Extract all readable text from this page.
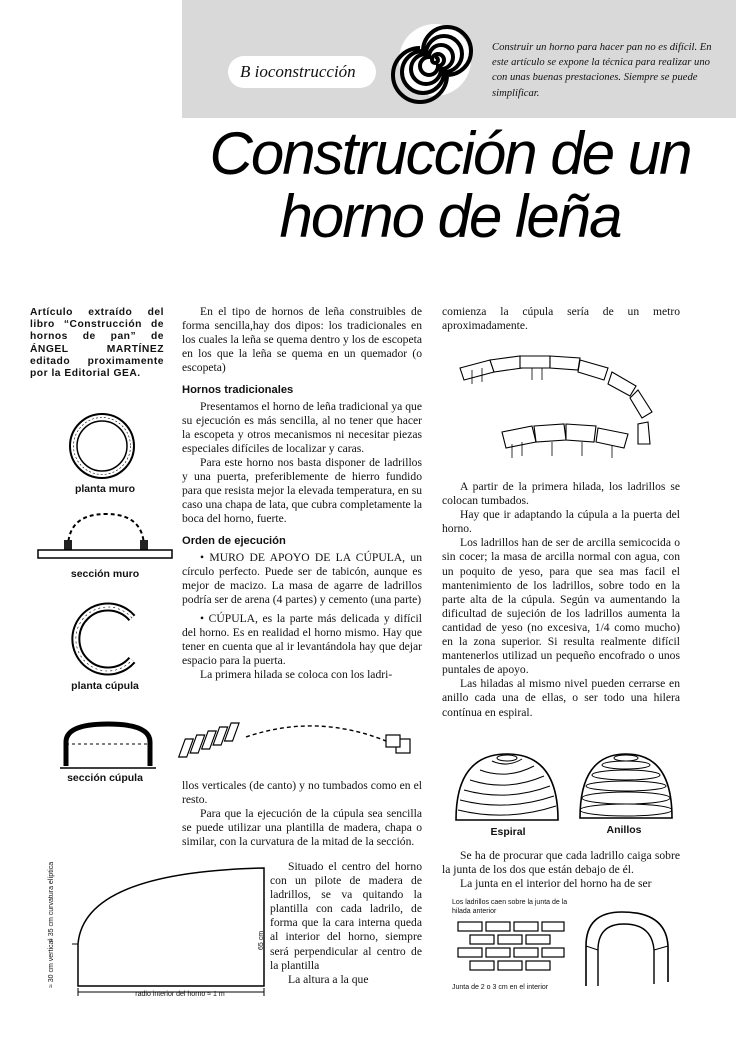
B ioconstrucción
Construir un horno para hacer pan no es difícil. En este artículo se expone la técnica para realizar uno con unas buenas prestaciones. Siempre se puede simplificar.
Construcción de un
horno de leña
Artículo extraído del libro “Construcción de hornos de pan” de ÁNGEL MARTÍNEZ editado proximamente por la Editorial GEA.
planta muro
sección muro
planta cúpula
sección cúpula

En el tipo de hornos de leña construibles de forma sencilla,hay dos dipos: los tradicionales en los cuales la leña se quema dentro y los de escopeta en los que la leña se quema en un quemador (o escopeta)

Hornos tradicionales

Presentamos el horno de leña tradicional ya que su ejecución es más sencilla, al no tener que hacer la escopeta y otros mecanismos ni necesitar piezas especiales difíciles de localizar y caras.

Para este horno nos basta disponer de ladrillos y una puerta, preferiblemente de hierro fundido para que resista mejor la elevada temperatura, en su caso una chapa de lata, que cubra completamente la boca del horno, fuerte.

Orden de ejecución

• MURO DE APOYO DE LA CÚPULA, un círculo perfecto. Puede ser de tabicón, aunque es mejor de macizo. La masa de agarre de ladrillos podría ser de arena (4 partes) y cemento (una parte)

• CÚPULA, es la parte más delicada y difícil del horno. Es en realidad el horno mismo. Hay que tener en cuenta que al ir levantándola hay que dejar espacio para la puerta.

La primera hilada se coloca con los ladri-

llos verticales (de canto) y no tumbados como en el resto.

Para que la ejecución de la cúpula sea sencilla se puede utilizar una plantilla de madera, chapa o similar, con la curvatura de la mitad de la sección.

Situado el centro del horno con un pilote de madera de ladrillos, se va quitando la plantilla con cada ladrilo, de forma que la cara interna queda al interior del horno, siempre será perpendicular al centro de la plantilla

La altura a la que

≈ 35 cm curvatura elíptica
≈ 30 cm vertical	65 cm
radio interior del horno ≈ 1 m

comienza la cúpula sería de un metro aproximadamente.

A partir de la primera hilada, los ladrillos se colocan tumbados.

Hay que ir adaptando la cúpula a la puerta del horno.

Los ladrillos han de ser de arcilla semicocida o sin cocer; la masa de arcilla normal con agua, con un poquito de yeso, para que sea mas facil el mantenimiento de los ladrillos, sobre todo en la parte alta de la cúpula. Según va aumentando la dificultad de sujeción de los ladrillos aumenta la cantidad de yeso (no excesiva, 1/4 como mucho) en la zona superior. Si resulta realmente difícil mantenerlos utilizad un pequeño encofrado o unos puntales de apoyo.

Las hiladas al mismo nivel pueden cerrarse en anillo cada una de ellas, o ser todo una hilera contínua en espiral.

Espiral	Anillos

Se ha de procurar que cada ladrillo caiga sobre la junta de los dos que están debajo de él.

La junta en el interior del horno ha de ser

Los ladrillos caen sobre la junta de la hilada anterior
Junta de 2 o 3 cm en el interior
